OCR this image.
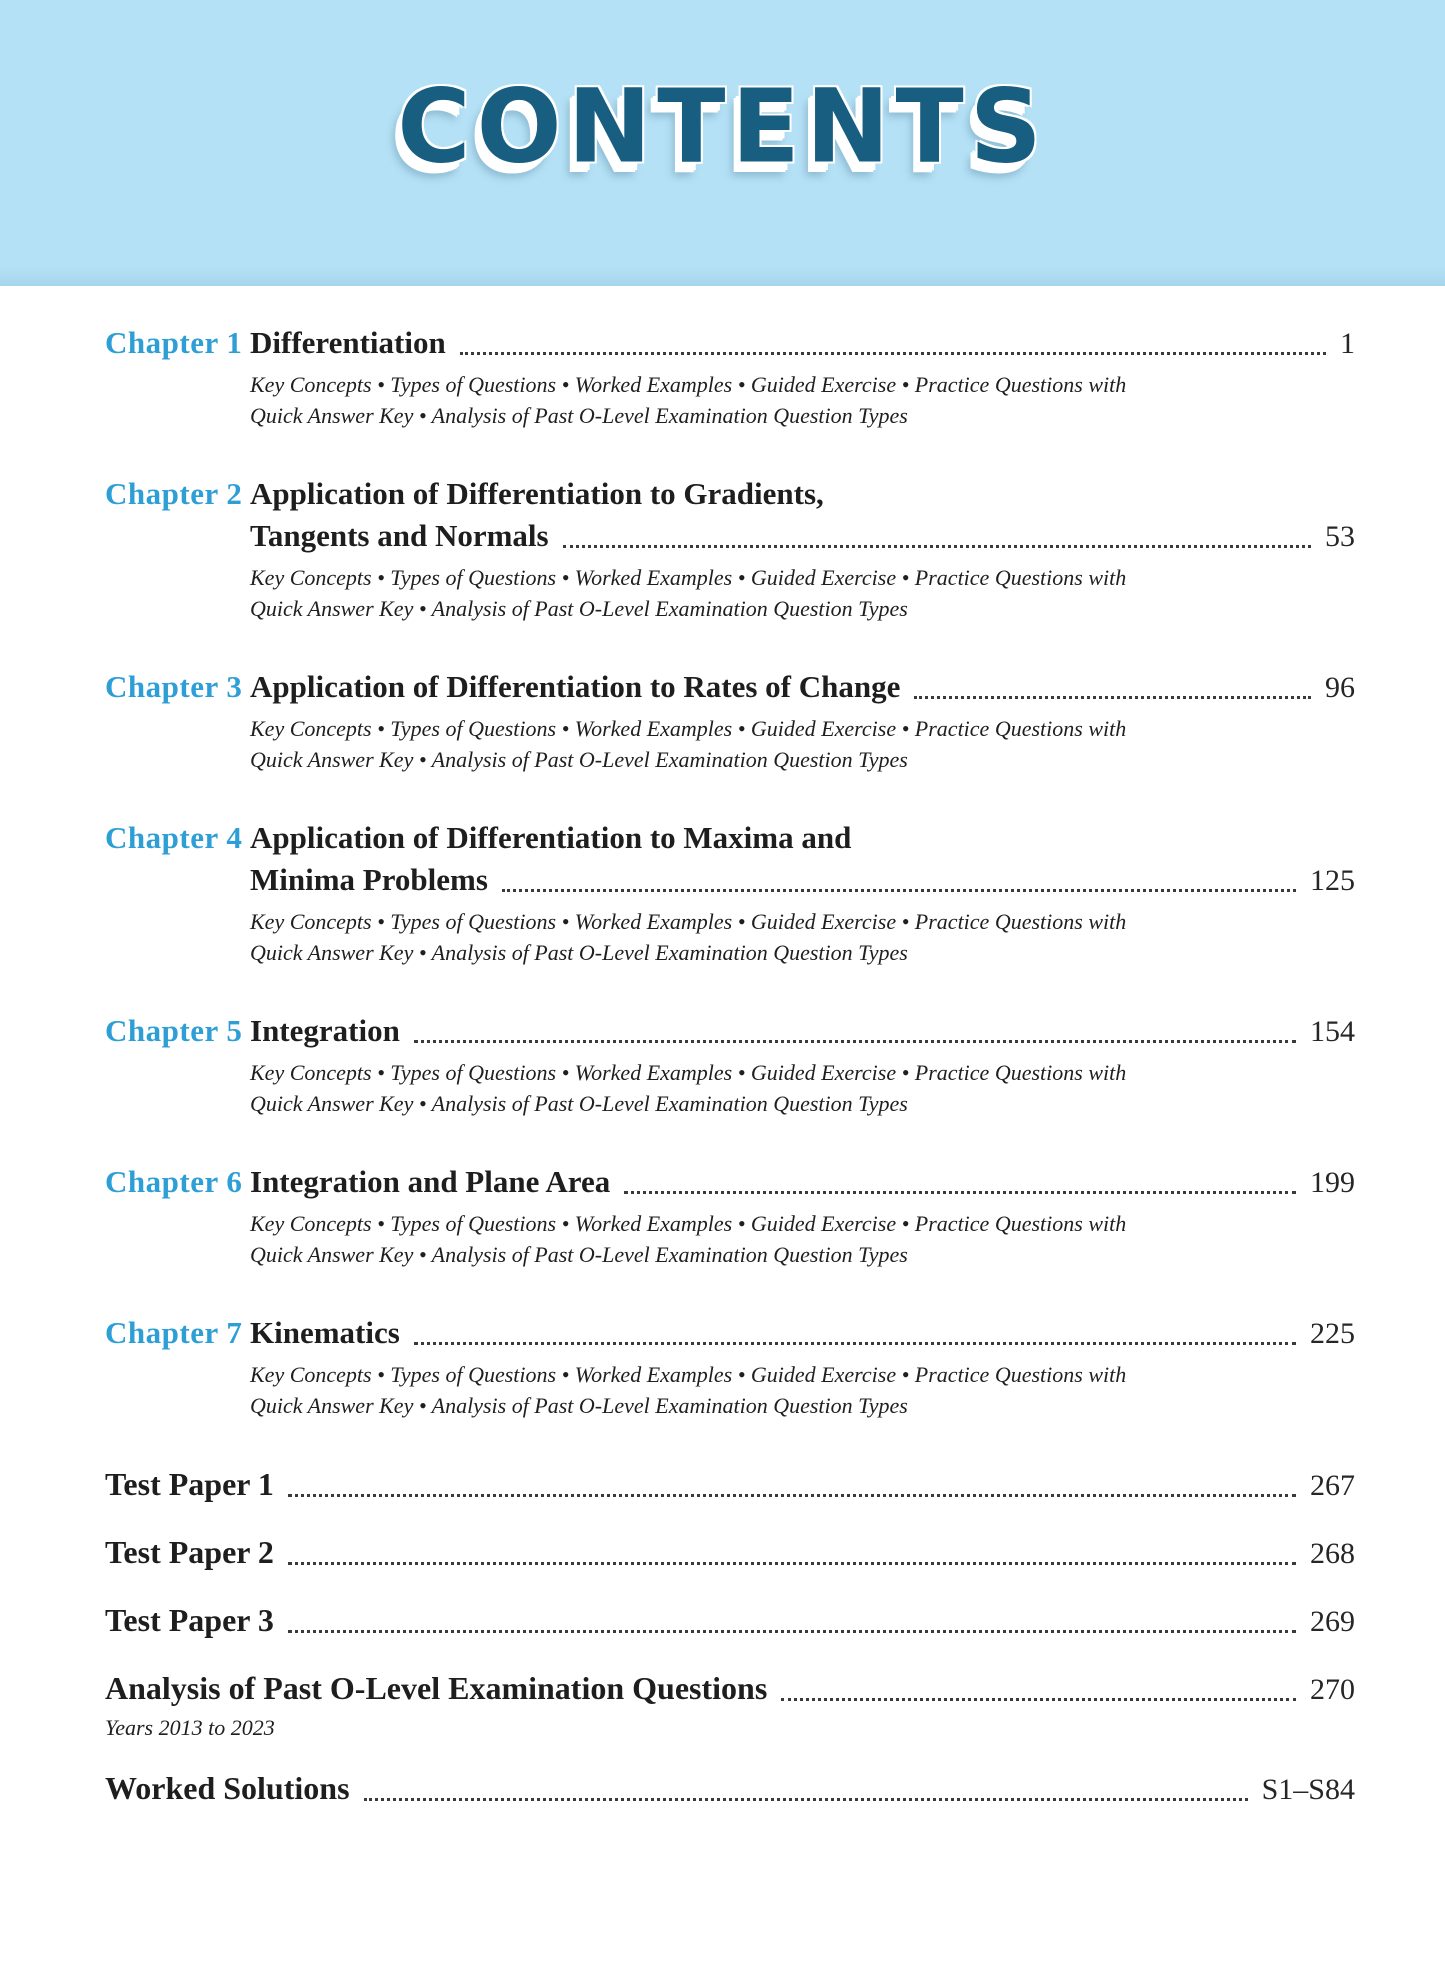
CONTENTS
Chapter 1 Differentiation	1
Key Concepts • Types of Questions • Worked Examples • Guided Exercise • Practice Questions with
Quick Answer Key • Analysis of Past O-Level Examination Question Types
Chapter 2 Application of Differentiation to Gradients,
Tangents and Normals	53
Key Concepts • Types of Questions • Worked Examples • Guided Exercise • Practice Questions with
Quick Answer Key • Analysis of Past O-Level Examination Question Types
Chapter 3 Application of Differentiation to Rates of Change	96
Key Concepts • Types of Questions • Worked Examples • Guided Exercise • Practice Questions with
Quick Answer Key • Analysis of Past O-Level Examination Question Types
Chapter 4 Application of Differentiation to Maxima and
Minima Problems	125
Key Concepts • Types of Questions • Worked Examples • Guided Exercise • Practice Questions with
Quick Answer Key • Analysis of Past O-Level Examination Question Types
Chapter 5 Integration	154
Key Concepts • Types of Questions • Worked Examples • Guided Exercise • Practice Questions with
Quick Answer Key • Analysis of Past O-Level Examination Question Types
Chapter 6 Integration and Plane Area	199
Key Concepts • Types of Questions • Worked Examples • Guided Exercise • Practice Questions with
Quick Answer Key • Analysis of Past O-Level Examination Question Types
Chapter 7 Kinematics	225
Key Concepts • Types of Questions • Worked Examples • Guided Exercise • Practice Questions with
Quick Answer Key • Analysis of Past O-Level Examination Question Types
Test Paper 1	267
Test Paper 2	268
Test Paper 3	269
Analysis of Past O-Level Examination Questions	270
Years 2013 to 2023
Worked Solutions	S1–S84
